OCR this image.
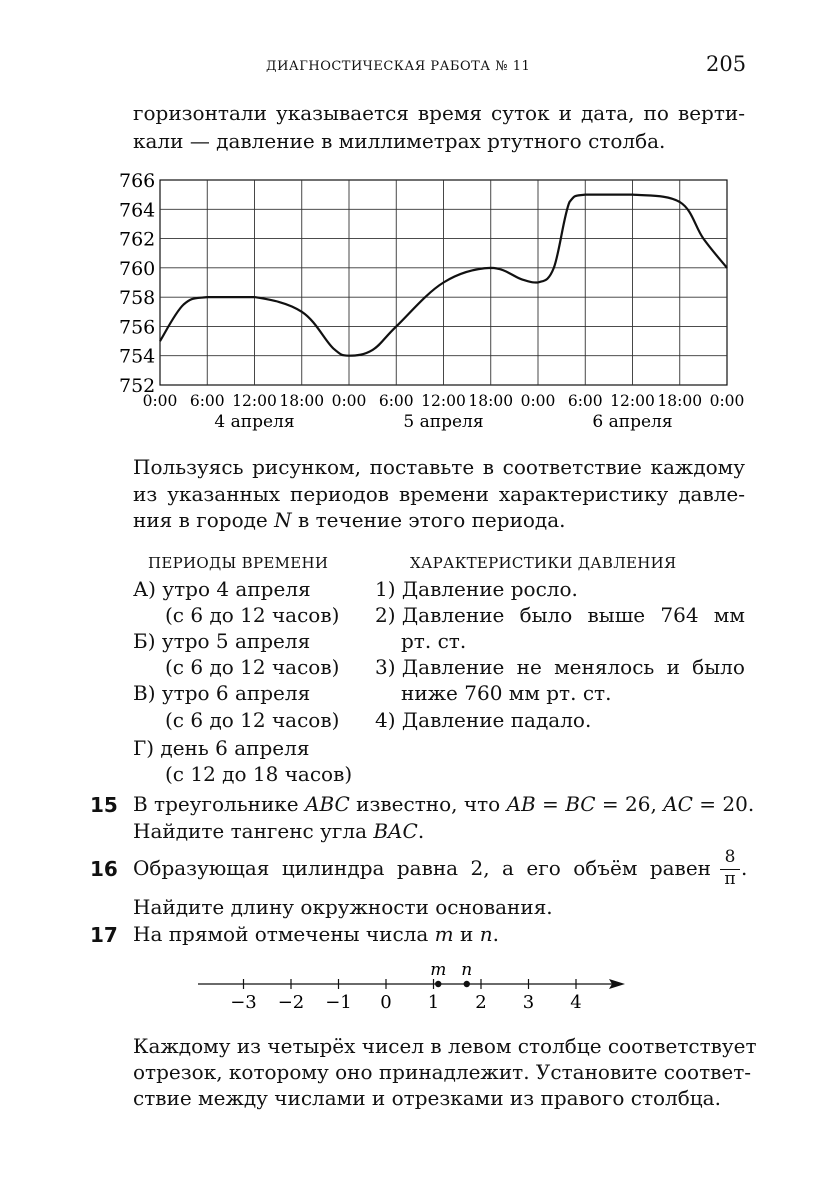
ДИАГНОСТИЧЕСКАЯ РАБОТА № 11	205
горизонтали указывается время суток и дата, по верти-
кали — давление в миллиметрах ртутного столба.
766
764
762
760
758
756
754
752
0:00 6:00 12:00 18:00 0:00 6:00 12:00 18:00 0:00 6:00 12:00 18:00 0:00
4 апреля	5 апреля	6 апреля
Пользуясь рисунком, поставьте в соответствие каждому
из указанных периодов времени характеристику давле-
ния в городе N в течение этого периода.
ПЕРИОДЫ ВРЕМЕНИ	ХАРАКТЕРИСТИКИ ДАВЛЕНИЯ
А) утро 4 апреля
(с 6 до 12 часов)
Б) утро 5 апреля
(с 6 до 12 часов)
В) утро 6 апреля
(с 6 до 12 часов)
Г) день 6 апреля
(с 12 до 18 часов)
1) Давление росло.
2) Давление было выше 764 мм
рт. ст.
3) Давление не менялось и было
ниже 760 мм рт. ст.
4) Давление падало.
15 В треугольнике ABC известно, что AB = BC = 26, AC = 20.
Найдите тангенс угла BAC.
16 Образующая цилиндра равна 2, а его объём равен $\frac{8}{\pi}$ .
Найдите длину окружности основания.
17 На прямой отмечены числа m и n.
−3 −2 −1 0 1 2 3 4
m n
Каждому из четырёх чисел в левом столбце соответствует
отрезок, которому оно принадлежит. Установите соответ-
ствие между числами и отрезками из правого столбца.
